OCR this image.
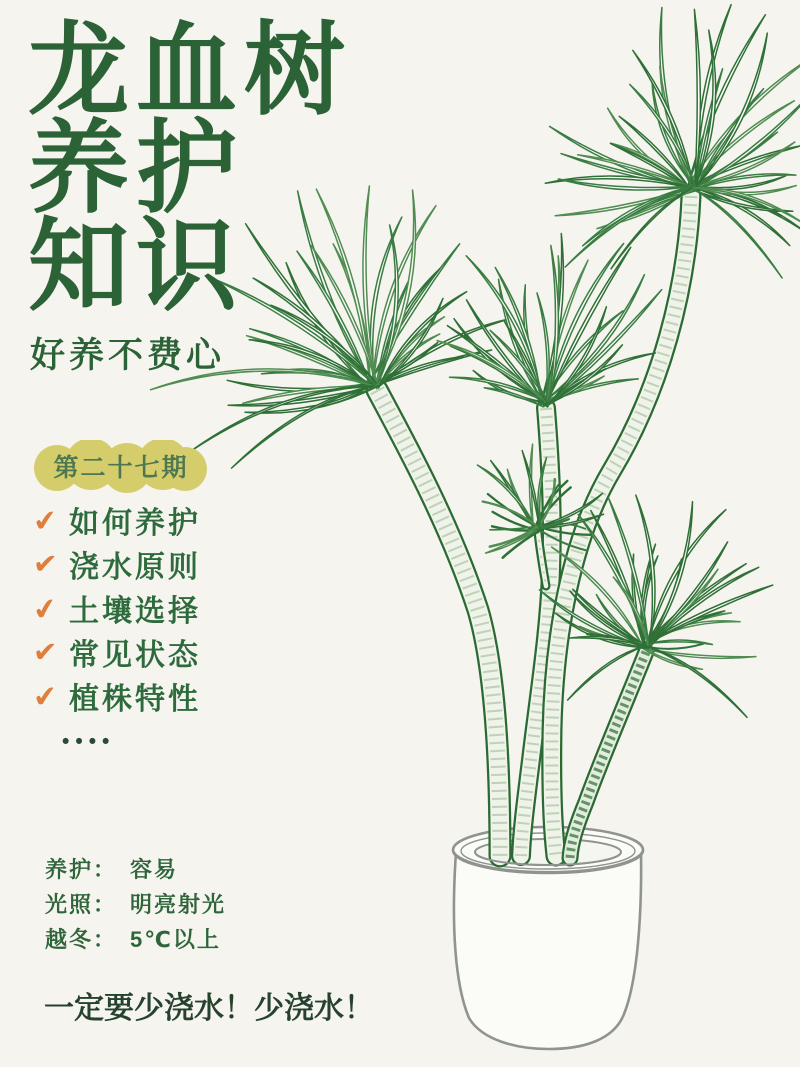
龙血树
养护
知识
好养不费心
第二十七期
✔ 如何养护
✔ 浇水原则
✔ 土壤选择
✔ 常见状态
✔ 植株特性
••••
养护： 容易
光照： 明亮射光
越冬： 5℃以上
一定要少浇水！少浇水！
